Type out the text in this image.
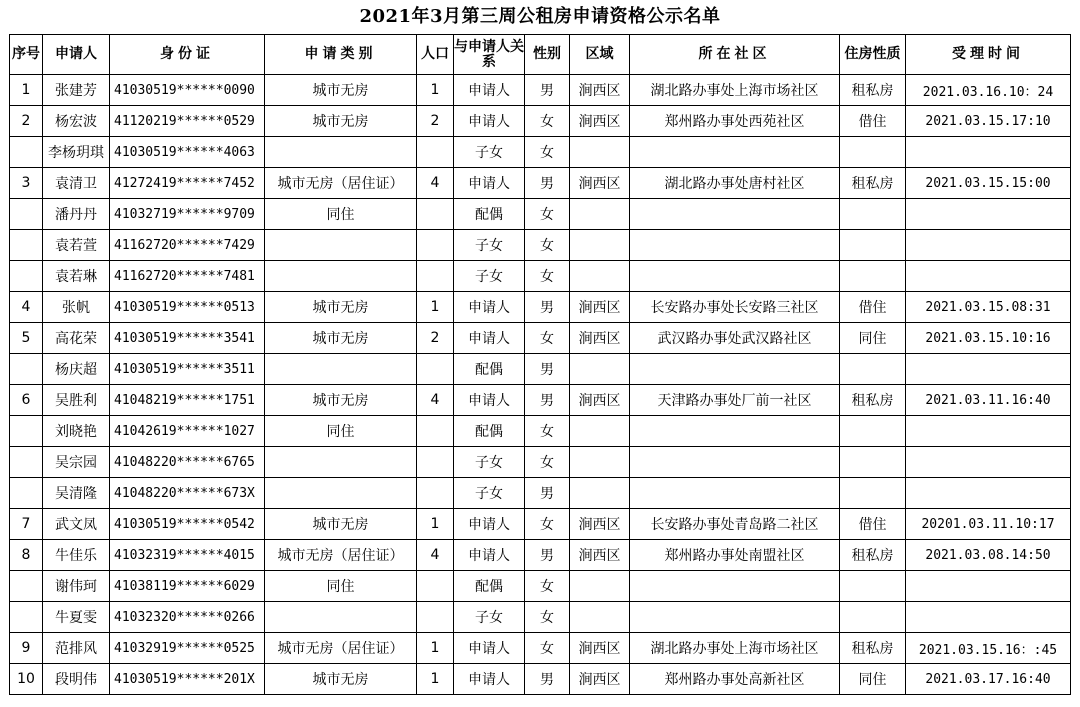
2021年3月第三周公租房申请资格公示名单
序号	申请人	身份证	申请类别	人口	与申请人关系	性别	区域	所在社区	住房性质	受理时间
1	张建芳	41030519******0090	城市无房	1	申请人	男	涧西区	湖北路办事处上海市场社区	租私房	2021.03.16.10：24
2	杨宏波	41120219******0529	城市无房	2	申请人	女	涧西区	郑州路办事处西苑社区	借住	2021.03.15.17:10
	李杨玥琪	41030519******4063			子女	女				
3	袁清卫	41272419******7452	城市无房（居住证）	4	申请人	男	涧西区	湖北路办事处唐村社区	租私房	2021.03.15.15:00
	潘丹丹	41032719******9709	同住		配偶	女				
	袁若萱	41162720******7429			子女	女				
	袁若琳	41162720******7481			子女	女				
4	张帆	41030519******0513	城市无房	1	申请人	男	涧西区	长安路办事处长安路三社区	借住	2021.03.15.08:31
5	高花荣	41030519******3541	城市无房	2	申请人	女	涧西区	武汉路办事处武汉路社区	同住	2021.03.15.10:16
	杨庆超	41030519******3511			配偶	男				
6	吴胜利	41048219******1751	城市无房	4	申请人	男	涧西区	天津路办事处厂前一社区	租私房	2021.03.11.16:40
	刘晓艳	41042619******1027	同住		配偶	女				
	吴宗园	41048220******6765			子女	女				
	吴清隆	41048220******673X			子女	男				
7	武文凤	41030519******0542	城市无房	1	申请人	女	涧西区	长安路办事处青岛路二社区	借住	20201.03.11.10:17
8	牛佳乐	41032319******4015	城市无房（居住证）	4	申请人	男	涧西区	郑州路办事处南盟社区	租私房	2021.03.08.14:50
	谢伟珂	41038119******6029	同住		配偶	女				
	牛夏雯	41032320******0266			子女	女				
9	范排风	41032919******0525	城市无房（居住证）	1	申请人	女	涧西区	湖北路办事处上海市场社区	租私房	2021.03.15.16：:45
10	段明伟	41030519******201X	城市无房	1	申请人	男	涧西区	郑州路办事处高新社区	同住	2021.03.17.16:40
